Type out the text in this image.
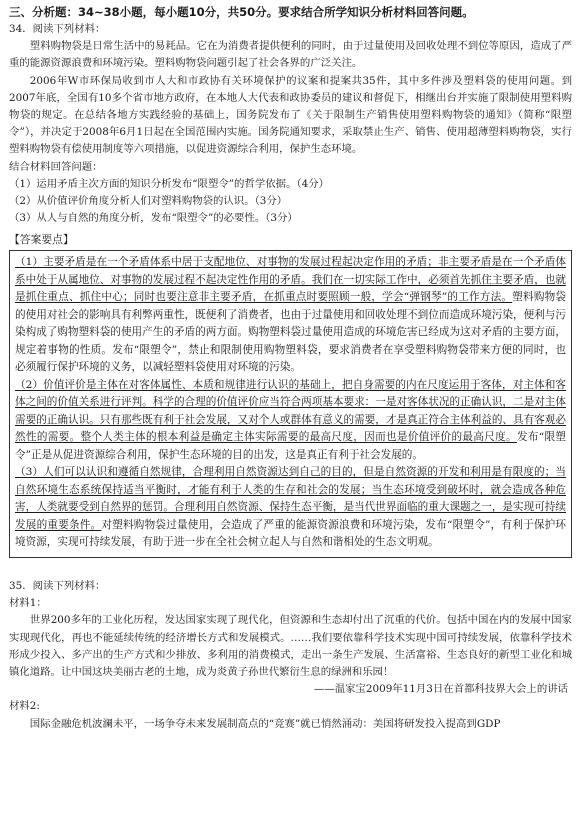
三、分析题：34~38小题，每小题10分，共50分。要求结合所学知识分析材料回答问题。

34．阅读下列材料：

塑料购物袋是日常生活中的易耗品。它在为消费者提供便利的同时，由于过量使用及回收处理不到位等原因，造成了严重的能源资源浪费和环境污染。塑料购物袋问题引起了社会各界的广泛关注。

2006年W市环保局收到市人大和市政协有关环境保护的议案和提案共35件，其中多件涉及塑料袋的使用问题。到2007年底，全国有10多个省市地方政府，在本地人大代表和政协委员的建议和督促下，相继出台并实施了限制使用塑料购物袋的规定。在总结各地方实践经验的基础上，国务院发布了《关于限制生产销售使用塑料购物袋的通知》（简称“限塑令”），并决定于2008年6月1日起在全国范围内实施。国务院通知要求，采取禁止生产、销售、使用超薄塑料购物袋，实行塑料购物袋有偿使用制度等六项措施，以促进资源综合利用，保护生态环境。

结合材料回答问题：

（1）运用矛盾主次方面的知识分析发布“限塑令”的哲学依据。（4分）

（2）从价值评价角度分析人们对塑料购物袋的认识。（3分）

（3）从人与自然的角度分析，发布“限塑令”的必要性。（3分）

【答案要点】

（1）主要矛盾是在一个矛盾体系中居于支配地位、对事物的发展过程起决定作用的矛盾；非主要矛盾是在一个矛盾体系中处于从属地位、对事物的发展过程不起决定性作用的矛盾。我们在一切实际工作中，必须首先抓住主要矛盾，也就是抓住重点、抓住中心；同时也要注意非主要矛盾，在抓重点时要照顾一般，学会“弹钢琴”的工作方法。塑料购物袋的使用对社会的影响具有利弊两重性，既便利了消费者，也由于过量使用和回收处理不到位而造成环境污染，便利与污染构成了购物塑料袋的使用产生的矛盾的两方面。购物塑料袋过量使用造成的环境危害已经成为这对矛盾的主要方面，规定着事物的性质。发布“限塑令”，禁止和限制使用购物塑料袋，要求消费者在享受塑料购物袋带来方便的同时，也必须履行保护环境的义务，以减轻塑料袋使用对环境的污染。

（2）价值评价是主体在对客体属性、本质和规律进行认识的基础上，把自身需要的内在尺度运用于客体，对主体和客体之间的价值关系进行评判。科学的合理的价值评价应当符合两项基本要求：一是对客体状况的正确认识，二是对主体需要的正确认识。只有那些既有利于社会发展，又对个人或群体有意义的需要，才是真正符合主体利益的、具有客观必然性的需要。整个人类主体的根本利益是确定主体实际需要的最高尺度，因而也是价值评价的最高尺度。发布“限塑令”正是从促进资源综合利用，保护生态环境的目的出发，这是真正有利于社会发展的。

（3）人们可以认识和遵循自然规律，合理利用自然资源达到自己的目的，但是自然资源的开发和利用是有限度的；当自然环境生态系统保持适当平衡时，才能有利于人类的生存和社会的发展；当生态环境受到破坏时，就会造成各种危害，人类就要受到自然界的惩罚。合理利用自然资源、保持生态平衡，是当代世界面临的重大课题之一，是实现可持续发展的重要条件。对塑料购物袋过量使用，会造成了严重的能源资源浪费和环境污染，发布“限塑令”，有利于保护环境资源，实现可持续发展，有助于进一步在全社会树立起人与自然和谐相处的生态文明观。

35．阅读下列材料：

材料1：

世界200多年的工业化历程，发达国家实现了现代化，但资源和生态却付出了沉重的代价。包括中国在内的发展中国家实现现代化，再也不能延续传统的经济增长方式和发展模式。……我们要依靠科学技术实现中国可持续发展，依靠科学技术形成少投入、多产出的生产方式和少排放、多利用的消费模式，走出一条生产发展、生活富裕、生态良好的新型工业化和城镇化道路。让中国这块美丽古老的土地，成为炎黄子孙世代繁衍生息的绿洲和乐园！

——温家宝2009年11月3日在首都科技界大会上的讲话

材料2:

国际金融危机波澜未平，一场争夺未来发展制高点的“竞赛”就已悄然涌动：美国将研发投入提高到GDP
